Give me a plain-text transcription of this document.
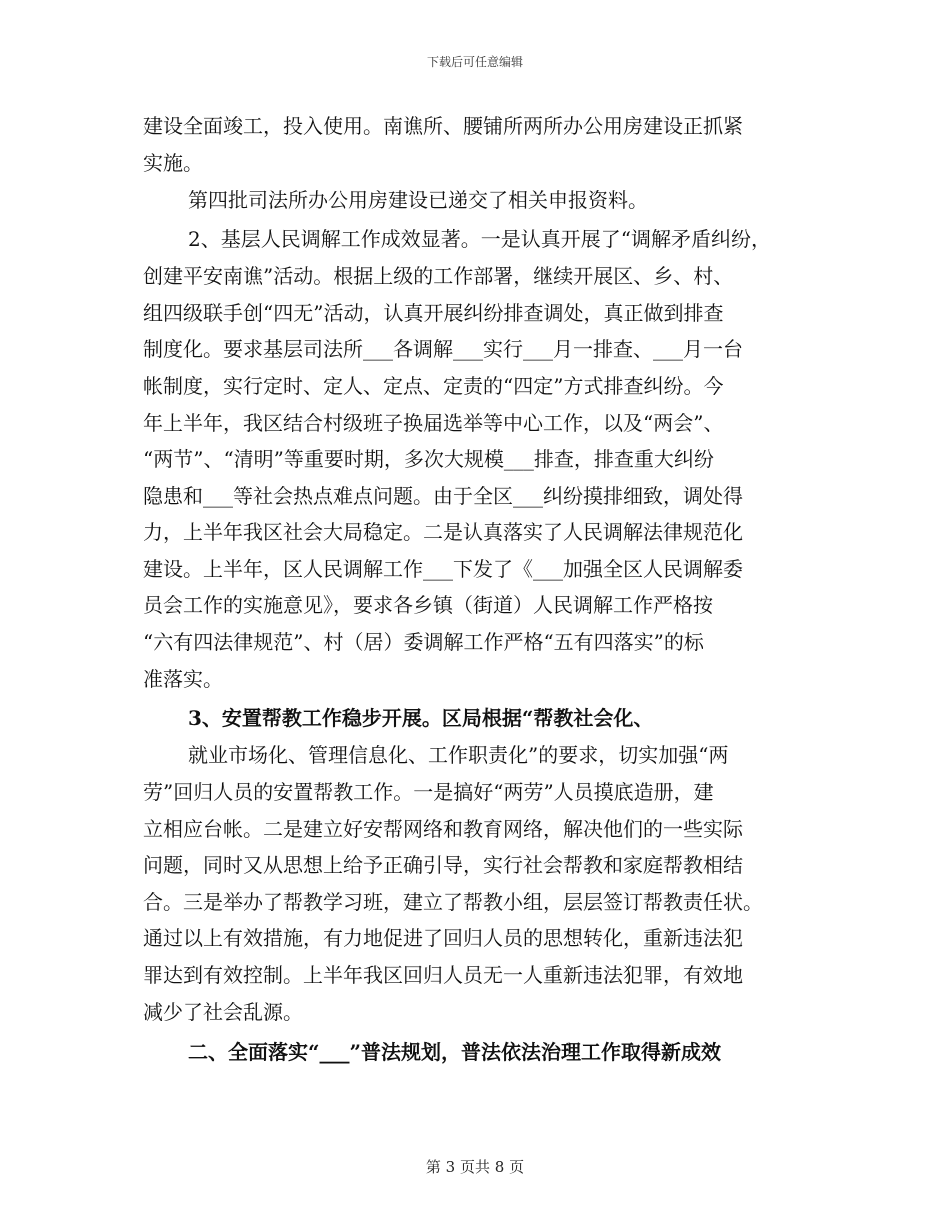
下载后可任意编辑
建设全面竣工，投入使用。南谯所、腰铺所两所办公用房建设正抓紧
实施。
第四批司法所办公用房建设已递交了相关申报资料。
2、基层人民调解工作成效显著。一是认真开展了“调解矛盾纠纷，
创建平安南谯”活动。根据上级的工作部署，继续开展区、乡、村、
组四级联手创“四无”活动，认真开展纠纷排查调处，真正做到排查
制度化。要求基层司法所___各调解___实行___月一排查、___月一台
帐制度，实行定时、定人、定点、定责的“四定”方式排查纠纷。今
年上半年，我区结合村级班子换届选举等中心工作，以及“两会”、
“两节”、“清明”等重要时期，多次大规模___排查，排查重大纠纷
隐患和___等社会热点难点问题。由于全区___纠纷摸排细致，调处得
力，上半年我区社会大局稳定。二是认真落实了人民调解法律规范化
建设。上半年，区人民调解工作___下发了《___加强全区人民调解委
员会工作的实施意见》，要求各乡镇（街道）人民调解工作严格按
“六有四法律规范”、村（居）委调解工作严格“五有四落实”的标
准落实。
3、安置帮教工作稳步开展。区局根据“帮教社会化、
就业市场化、管理信息化、工作职责化”的要求，切实加强“两
劳”回归人员的安置帮教工作。一是搞好“两劳”人员摸底造册，建
立相应台帐。二是建立好安帮网络和教育网络，解决他们的一些实际
问题，同时又从思想上给予正确引导，实行社会帮教和家庭帮教相结
合。三是举办了帮教学习班，建立了帮教小组，层层签订帮教责任状。
通过以上有效措施，有力地促进了回归人员的思想转化，重新违法犯
罪达到有效控制。上半年我区回归人员无一人重新违法犯罪，有效地
减少了社会乱源。
二、全面落实“___”普法规划，普法依法治理工作取得新成效
第 3 页共 8 页
